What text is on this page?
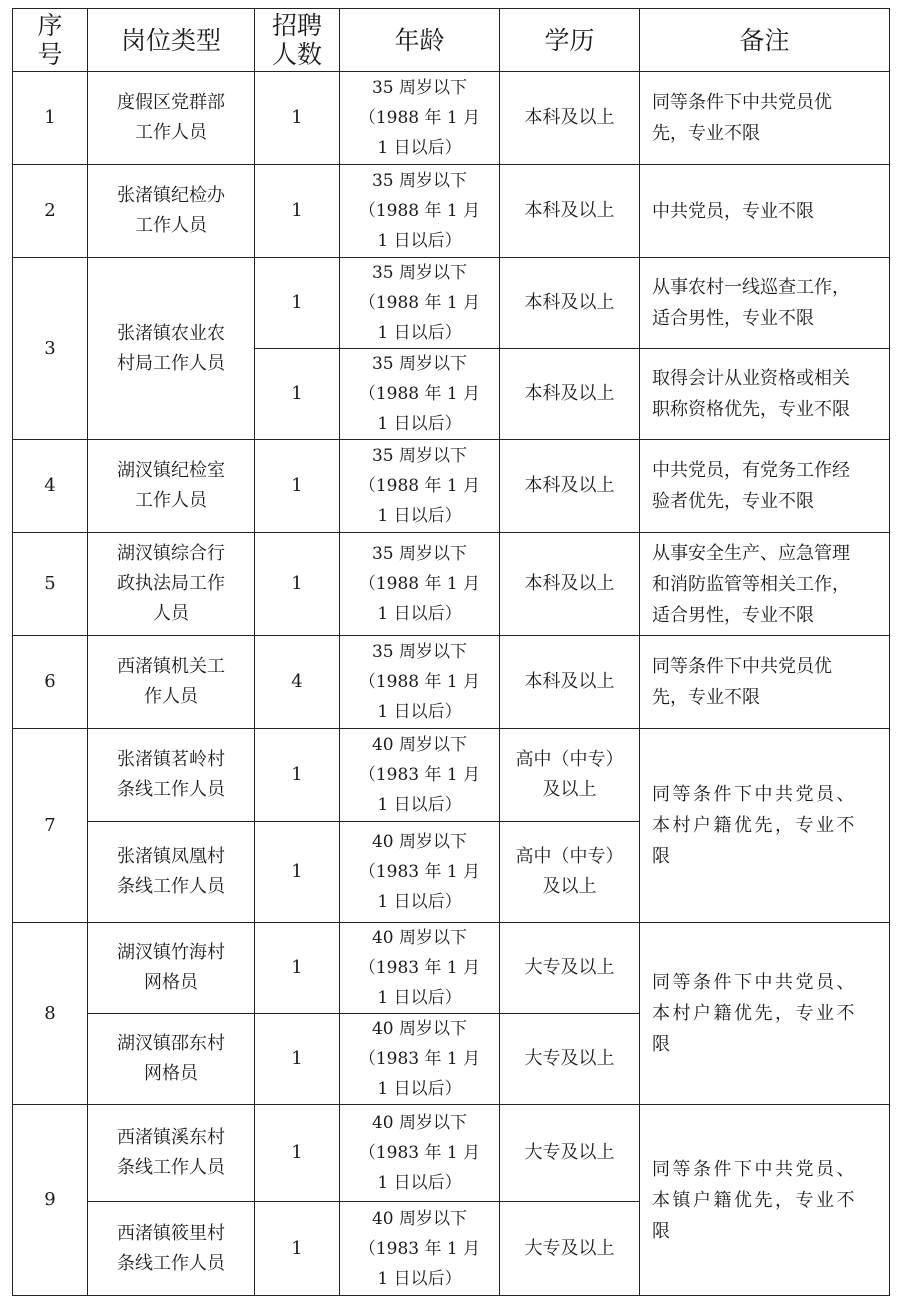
序
号	岗位类型	招聘
人数	年龄	学历	备注
1	度假区党群部
工作人员	1	35 周岁以下
（1988 年 1 月
1 日以后）	本科及以上	同等条件下中共党员优
先，专业不限
2	张渚镇纪检办
工作人员	1	35 周岁以下
（1988 年 1 月
1 日以后）	本科及以上	中共党员，专业不限
3	张渚镇农业农
村局工作人员	1	35 周岁以下
（1988 年 1 月
1 日以后）	本科及以上	从事农村一线巡查工作，
适合男性，专业不限
		1	35 周岁以下
（1988 年 1 月
1 日以后）	本科及以上	取得会计从业资格或相关
职称资格优先，专业不限
4	湖汊镇纪检室
工作人员	1	35 周岁以下
（1988 年 1 月
1 日以后）	本科及以上	中共党员，有党务工作经
验者优先，专业不限
5	湖汊镇综合行
政执法局工作
人员	1	35 周岁以下
（1988 年 1 月
1 日以后）	本科及以上	从事安全生产、应急管理
和消防监管等相关工作，
适合男性，专业不限
6	西渚镇机关工
作人员	4	35 周岁以下
（1988 年 1 月
1 日以后）	本科及以上	同等条件下中共党员优
先，专业不限
7	张渚镇茗岭村
条线工作人员	1	40 周岁以下
（1983 年 1 月
1 日以后）	高中（中专）
及以上	同等条件下中共党员、
本村户籍优先，专业不
限
	张渚镇凤凰村
条线工作人员	1	40 周岁以下
（1983 年 1 月
1 日以后）	高中（中专）
及以上	
8	湖汊镇竹海村
网格员	1	40 周岁以下
（1983 年 1 月
1 日以后）	大专及以上	同等条件下中共党员、
本村户籍优先，专业不
限
	湖汊镇邵东村
网格员	1	40 周岁以下
（1983 年 1 月
1 日以后）	大专及以上	
9	西渚镇溪东村
条线工作人员	1	40 周岁以下
（1983 年 1 月
1 日以后）	大专及以上	同等条件下中共党员、
本镇户籍优先，专业不
限
	西渚镇筱里村
条线工作人员	1	40 周岁以下
（1983 年 1 月
1 日以后）	大专及以上	
